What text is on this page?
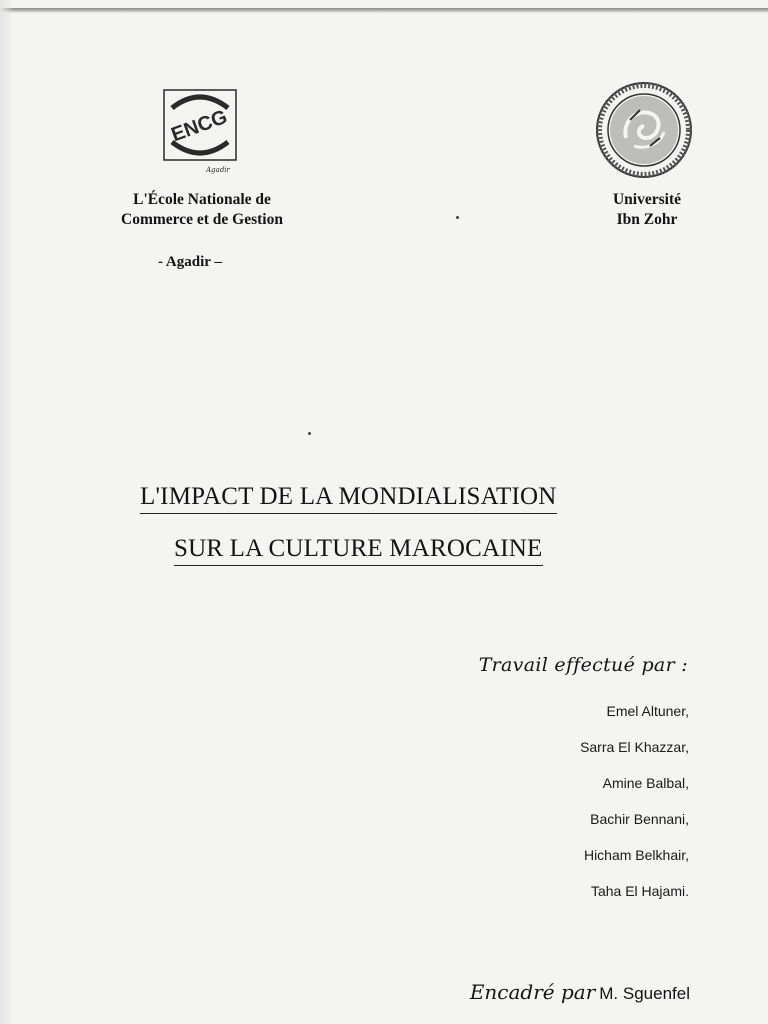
ENCG
Agadir
L'École Nationale de
Commerce et de Gestion
- Agadir –
Université
Ibn Zohr
L'IMPACT DE LA MONDIALISATION
SUR LA CULTURE MAROCAINE
Travail effectué par :
Emel Altuner,
Sarra El Khazzar,
Amine Balbal,
Bachir Bennani,
Hicham Belkhair,
Taha El Hajami.
Encadré par M. Sguenfel
